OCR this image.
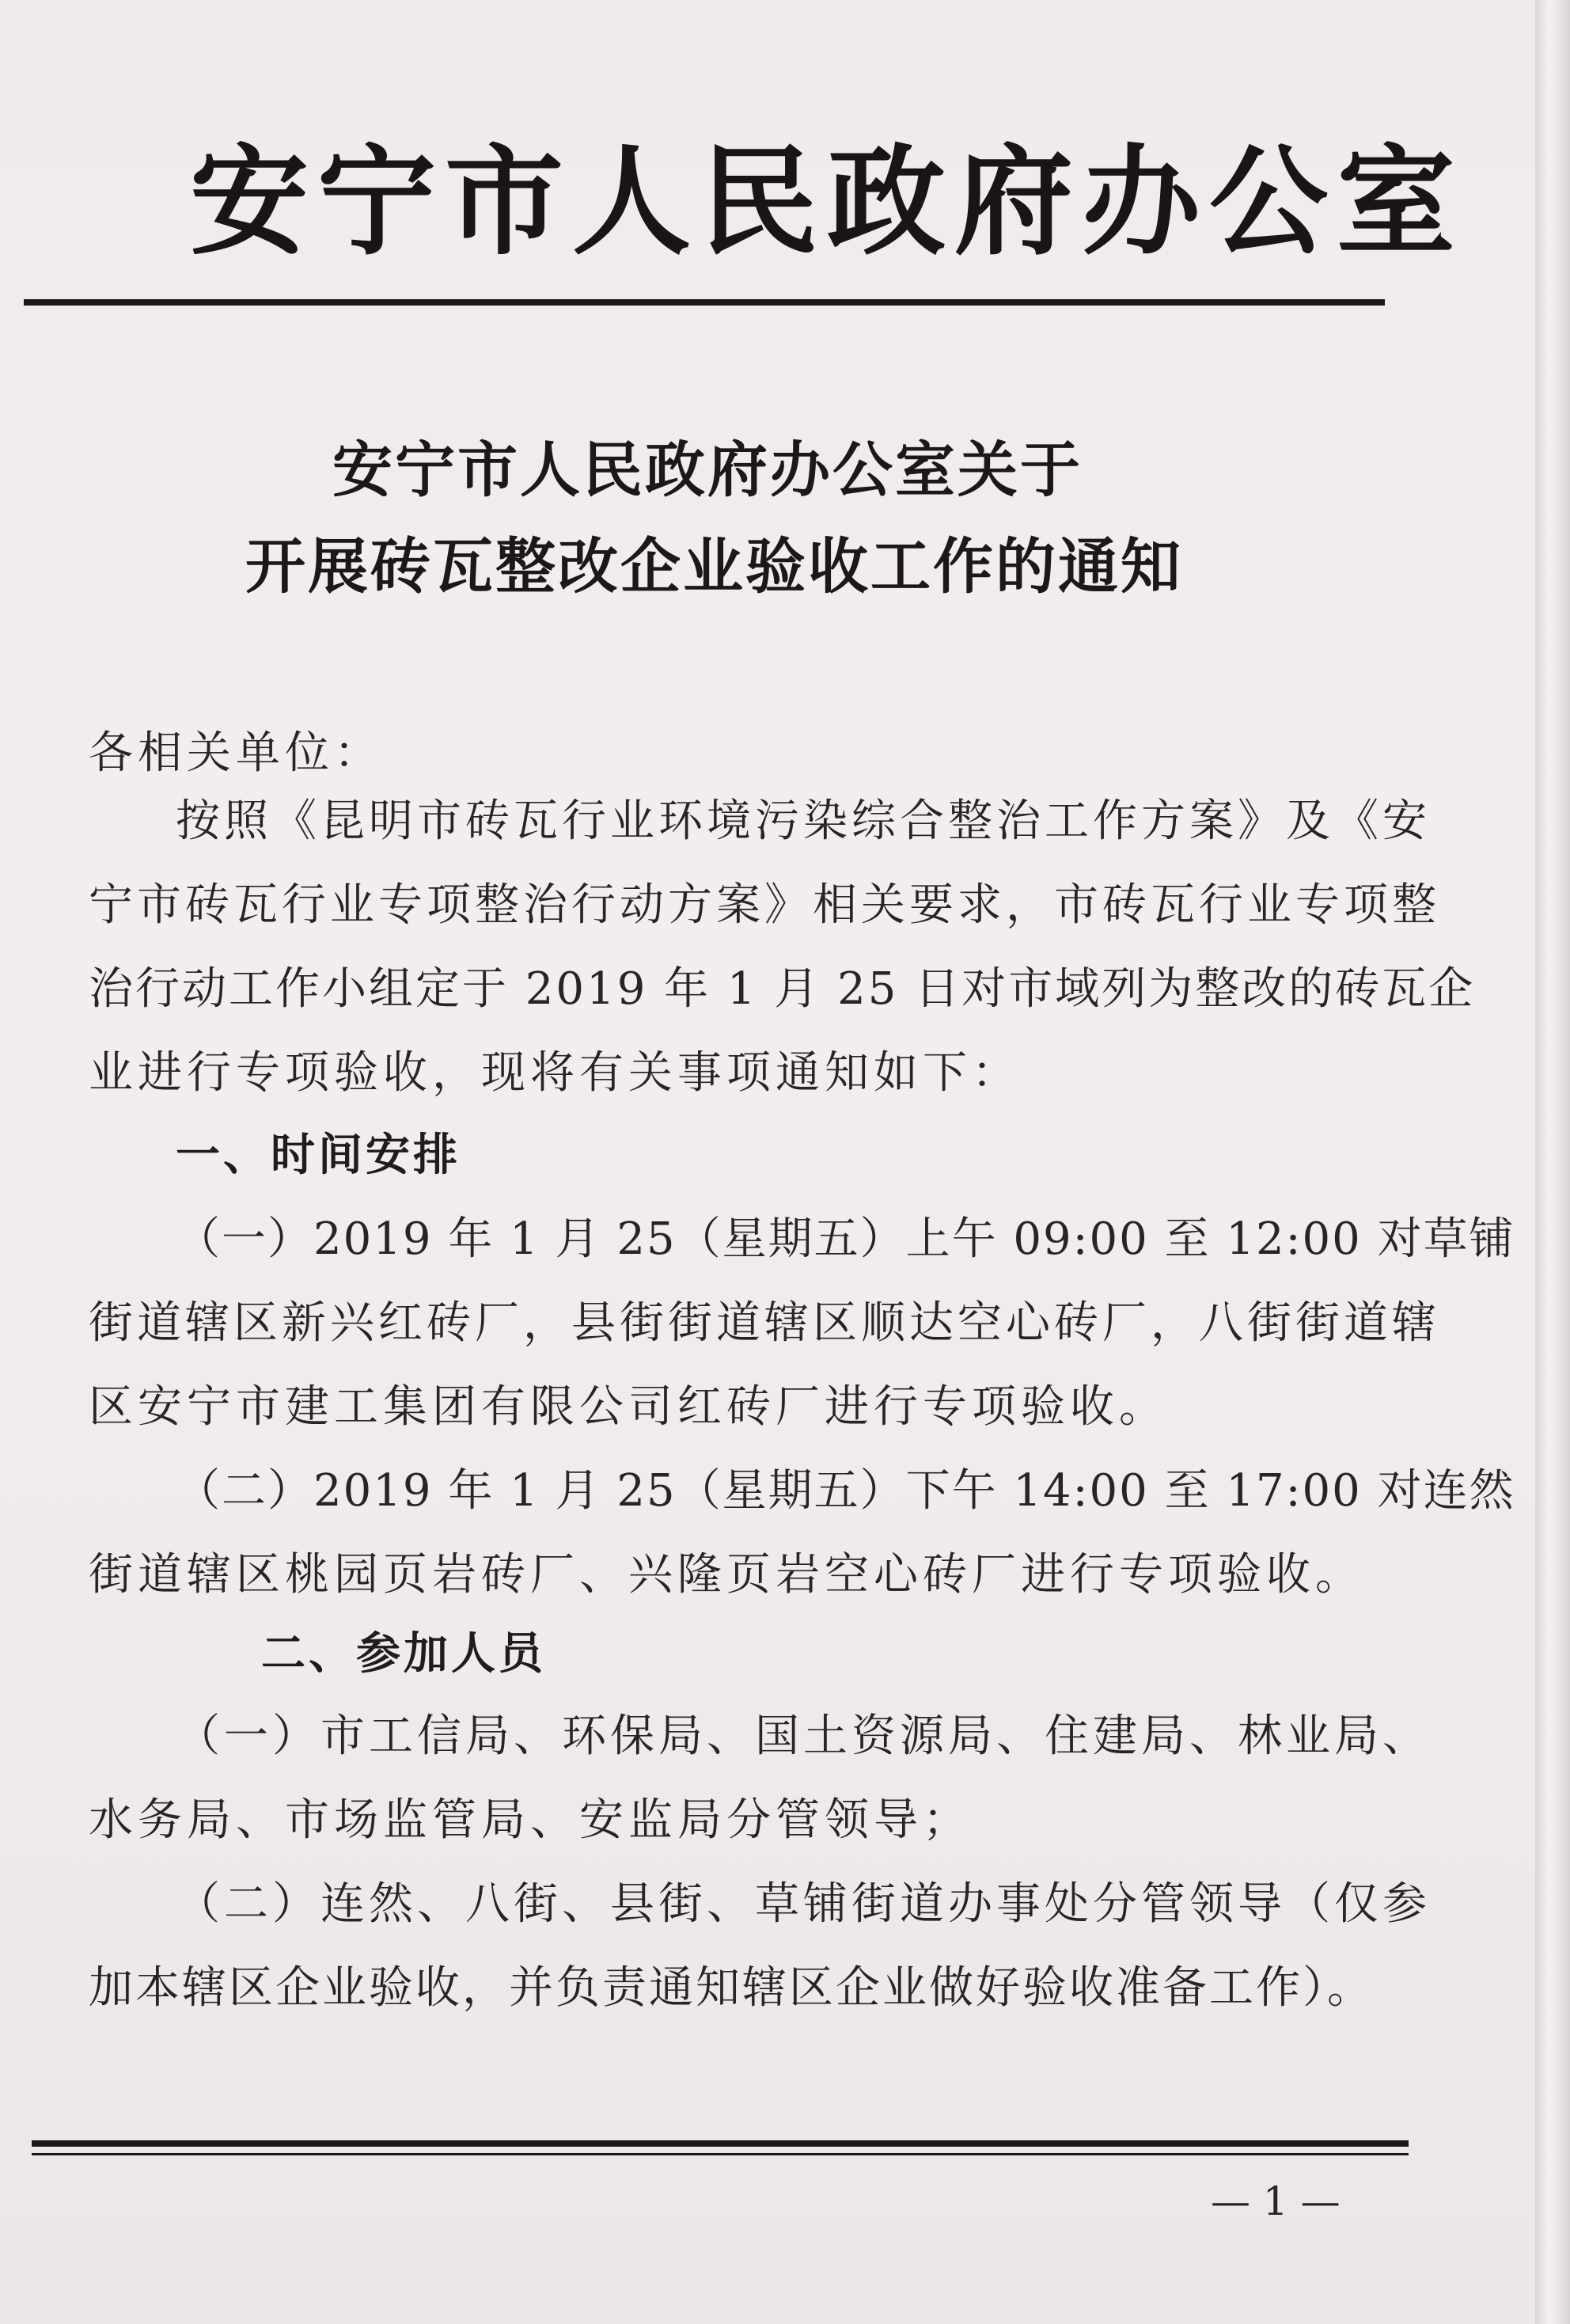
安宁市人民政府办公室
安宁市人民政府办公室关于
开展砖瓦整改企业验收工作的通知

各相关单位：

按照《昆明市砖瓦行业环境污染综合整治工作方案》及《安

宁市砖瓦行业专项整治行动方案》相关要求，市砖瓦行业专项整

治行动工作小组定于 2019 年 1 月 25 日对市域列为整改的砖瓦企

业进行专项验收，现将有关事项通知如下：

一、时间安排

（一）2019 年 1 月 25（星期五）上午 09:00 至 12:00 对草铺

街道辖区新兴红砖厂，县街街道辖区顺达空心砖厂，八街街道辖

区安宁市建工集团有限公司红砖厂进行专项验收。

（二）2019 年 1 月 25（星期五）下午 14:00 至 17:00 对连然

街道辖区桃园页岩砖厂、兴隆页岩空心砖厂进行专项验收。

二、参加人员

（一）市工信局、环保局、国土资源局、住建局、林业局、

水务局、市场监管局、安监局分管领导；

（二）连然、八街、县街、草铺街道办事处分管领导（仅参

加本辖区企业验收，并负责通知辖区企业做好验收准备工作）。

— 1 —
